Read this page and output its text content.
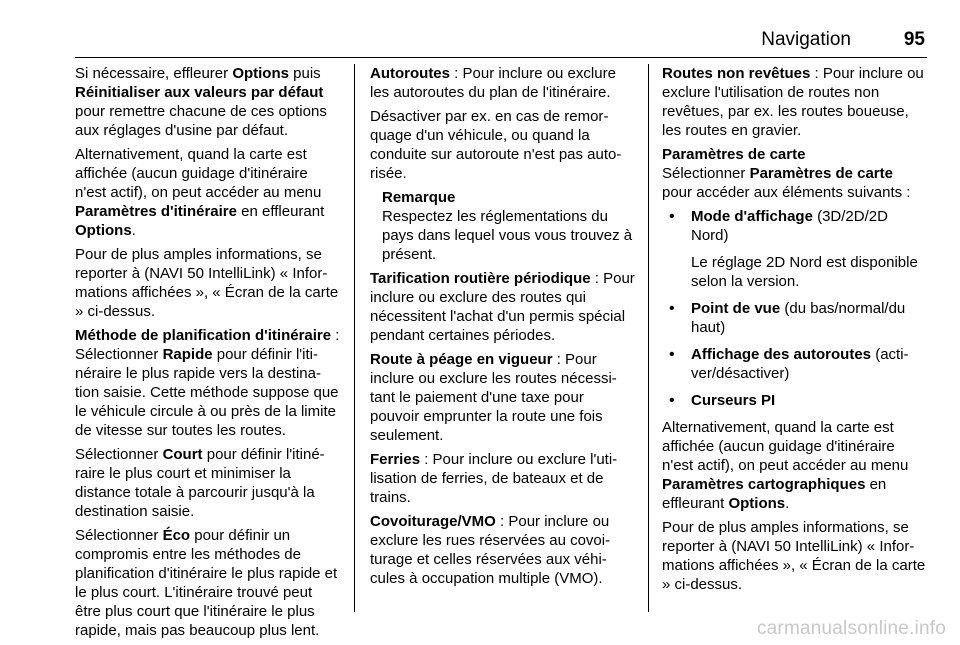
Navigation	95

Si nécessaire, effleurer Options puis Réinitialiser aux valeurs par défaut pour remettre chacune de ces options aux réglages d'usine par défaut.

Alternativement, quand la carte est affichée (aucun guidage d'itinéraire n'est actif), on peut accéder au menu Paramètres d'itinéraire en effleurant Options.

Pour de plus amples informations, se reporter à (NAVI 50 IntelliLink) « Informations affichées », « Écran de la carte » ci-dessus.

Méthode de planification d'itinéraire :
Sélectionner Rapide pour définir l'itinéraire le plus rapide vers la destination saisie. Cette méthode suppose que le véhicule circule à ou près de la limite de vitesse sur toutes les routes.

Sélectionner Court pour définir l'itinéraire le plus court et minimiser la distance totale à parcourir jusqu'à la destination saisie.

Sélectionner Éco pour définir un compromis entre les méthodes de planification d'itinéraire le plus rapide et le plus court. L'itinéraire trouvé peut être plus court que l'itinéraire le plus rapide, mais pas beaucoup plus lent.

Autoroutes : Pour inclure ou exclure les autoroutes du plan de l'itinéraire.

Désactiver par ex. en cas de remorquage d'un véhicule, ou quand la conduite sur autoroute n'est pas autorisée.

Remarque
Respectez les réglementations du pays dans lequel vous vous trouvez à présent.

Tarification routière périodique : Pour inclure ou exclure des routes qui nécessitent l'achat d'un permis spécial pendant certaines périodes.

Route à péage en vigueur : Pour inclure ou exclure les routes nécessitant le paiement d'une taxe pour pouvoir emprunter la route une fois seulement.

Ferries : Pour inclure ou exclure l'utilisation de ferries, de bateaux et de trains.

Covoiturage/VMO : Pour inclure ou exclure les rues réservées au covoiturage et celles réservées aux véhicules à occupation multiple (VMO).

Routes non revêtues : Pour inclure ou exclure l'utilisation de routes non revêtues, par ex. les routes boueuse, les routes en gravier.

Paramètres de carte
Sélectionner Paramètres de carte pour accéder aux éléments suivants :

• Mode d'affichage (3D/2D/2D Nord)
Le réglage 2D Nord est disponible selon la version.
• Point de vue (du bas/normal/du haut)
• Affichage des autoroutes (activer/désactiver)
• Curseurs PI

Alternativement, quand la carte est affichée (aucun guidage d'itinéraire n'est actif), on peut accéder au menu Paramètres cartographiques en effleurant Options.

Pour de plus amples informations, se reporter à (NAVI 50 IntelliLink) « Informations affichées », « Écran de la carte » ci-dessus.

carmanualsonline.info
